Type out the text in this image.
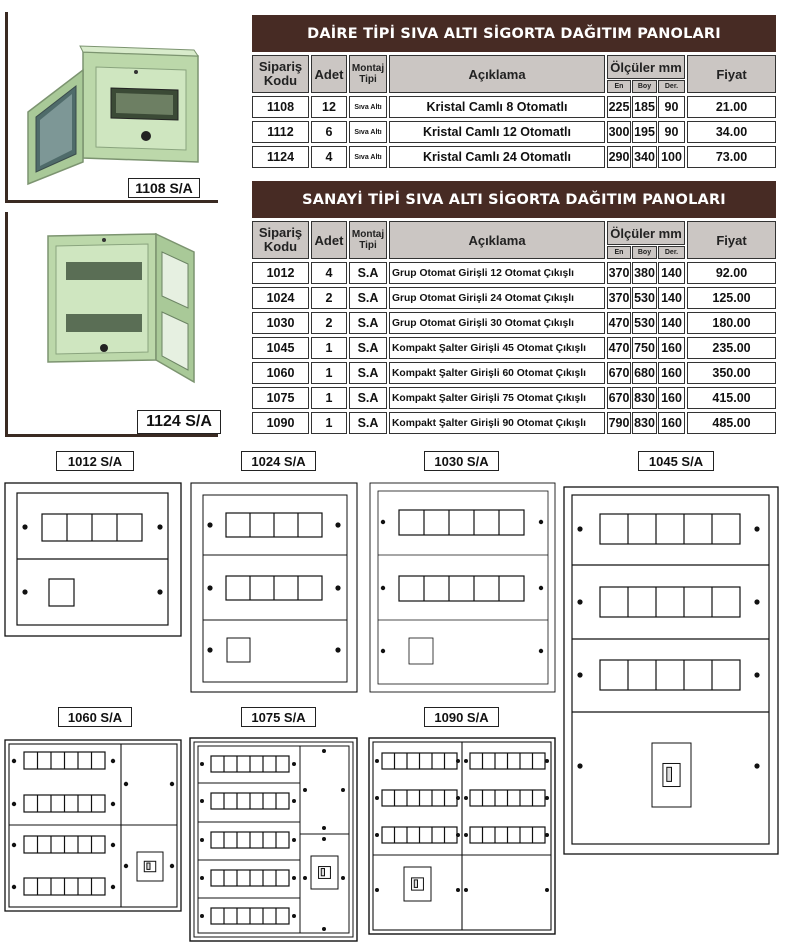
1108 S/A
1124 S/A
DAİRE TİPİ SIVA ALTI SİGORTA DAĞITIM PANOLARI
Sipariş Kodu	Adet Montaj Tipi	Açıklama	Ölçüler mm
En	Boy	Der.
Fiyat
1108	12	Sıva Altı	Kristal Camlı 8 Otomatlı	225 185 90	21.00
1112	6	Sıva Altı	Kristal Camlı 12 Otomatlı	300 195 90	34.00
1124	4	Sıva Altı	Kristal Camlı 24 Otomatlı	290 340 100	73.00
SANAYİ TİPİ SIVA ALTI SİGORTA DAĞITIM PANOLARI
Sipariş Kodu	Adet Montaj Tipi	Açıklama	Ölçüler mm
En	Boy	Der.
Fiyat
1012	4	S.A	Grup Otomat Girişli 12 Otomat Çıkışlı	370 380 140	92.00
1024	2	S.A	Grup Otomat Girişli 24 Otomat Çıkışlı	370 530 140	125.00
1030	2	S.A	Grup Otomat Girişli 30 Otomat Çıkışlı	470 530 140	180.00
1045	1	S.A	Kompakt Şalter Girişli 45 Otomat Çıkışlı	470 750 160	235.00
1060	1	S.A	Kompakt Şalter Girişli 60 Otomat Çıkışlı	670 680 160	350.00
1075	1	S.A	Kompakt Şalter Girişli 75 Otomat Çıkışlı	670 830 160	415.00
1090	1	S.A	Kompakt Şalter Girişli 90 Otomat Çıkışlı	790 830 160	485.00
1012 S/A	1024 S/A	1030 S/A	1045 S/A
1060 S/A	1075 S/A	1090 S/A
